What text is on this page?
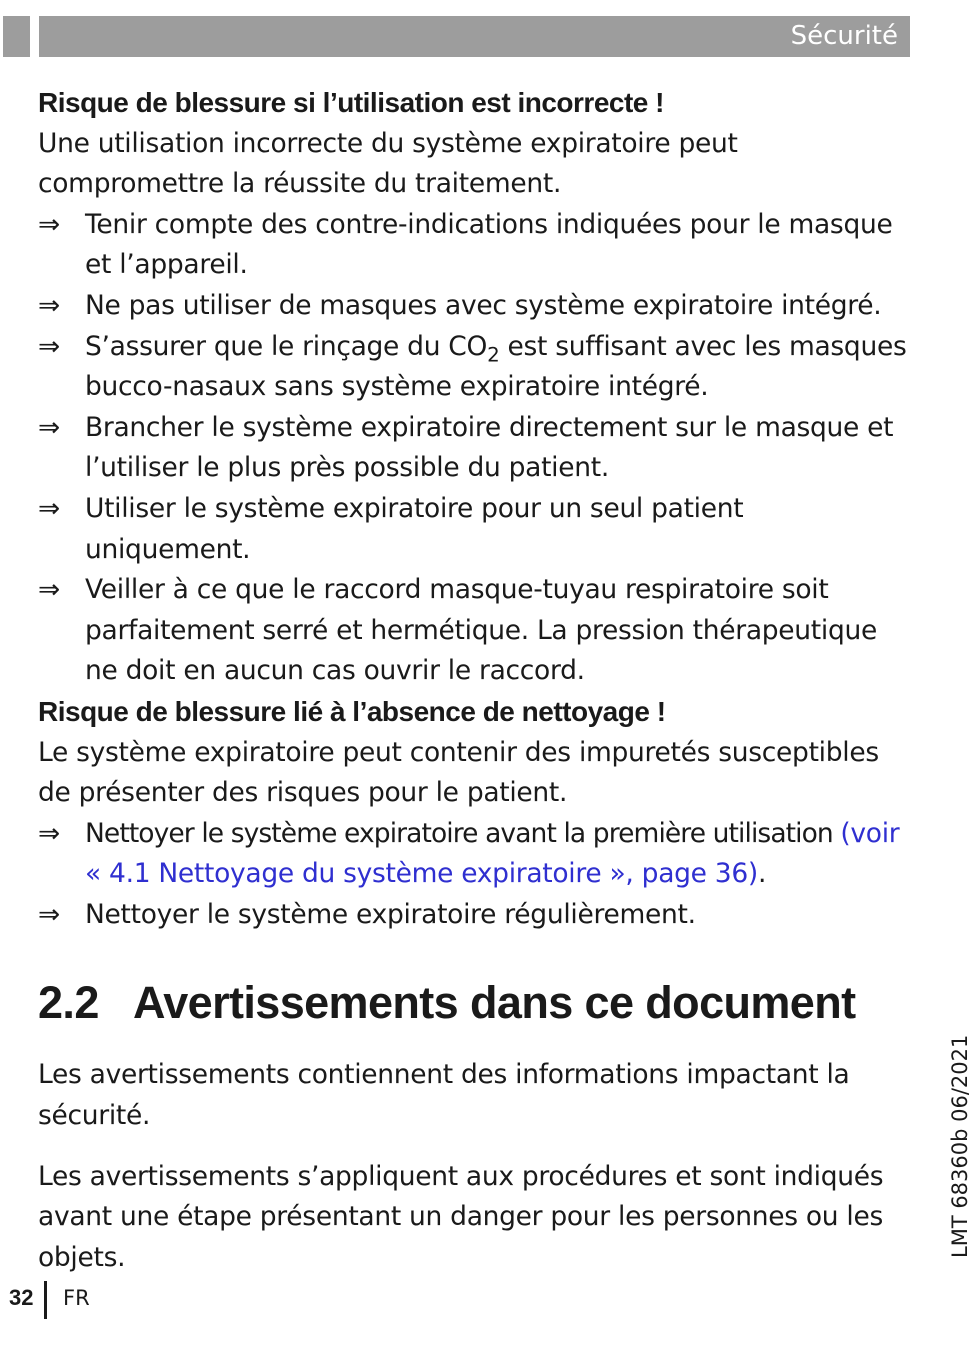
Sécurité

Risque de blessure si l’utilisation est incorrecte !

Une utilisation incorrecte du système expiratoire peut compromettre la réussite du traitement.

⇒ Tenir compte des contre-indications indiquées pour le masque et l’appareil.
⇒ Ne pas utiliser de masques avec système expiratoire intégré.
⇒ S’assurer que le rinçage du $CO_2$ est suffisant avec les masques bucco-nasaux sans système expiratoire intégré.
⇒ Brancher le système expiratoire directement sur le masque et l’utiliser le plus près possible du patient.
⇒ Utiliser le système expiratoire pour un seul patient uniquement.
⇒ Veiller à ce que le raccord masque-tuyau respiratoire soit parfaitement serré et hermétique. La pression thérapeutique ne doit en aucun cas ouvrir le raccord.

Risque de blessure lié à l’absence de nettoyage !

Le système expiratoire peut contenir des impuretés susceptibles de présenter des risques pour le patient.

⇒ Nettoyer le système expiratoire avant la première utilisation (voir « 4.1 Nettoyage du système expiratoire », page 36).
⇒ Nettoyer le système expiratoire régulièrement.
2.2 Avertissements dans ce document

Les avertissements contiennent des informations impactant la sécurité.

Les avertissements s’appliquent aux procédures et sont indiqués avant une étape présentant un danger pour les personnes ou les objets.	LMT 68360b 06/2021
32 FR
